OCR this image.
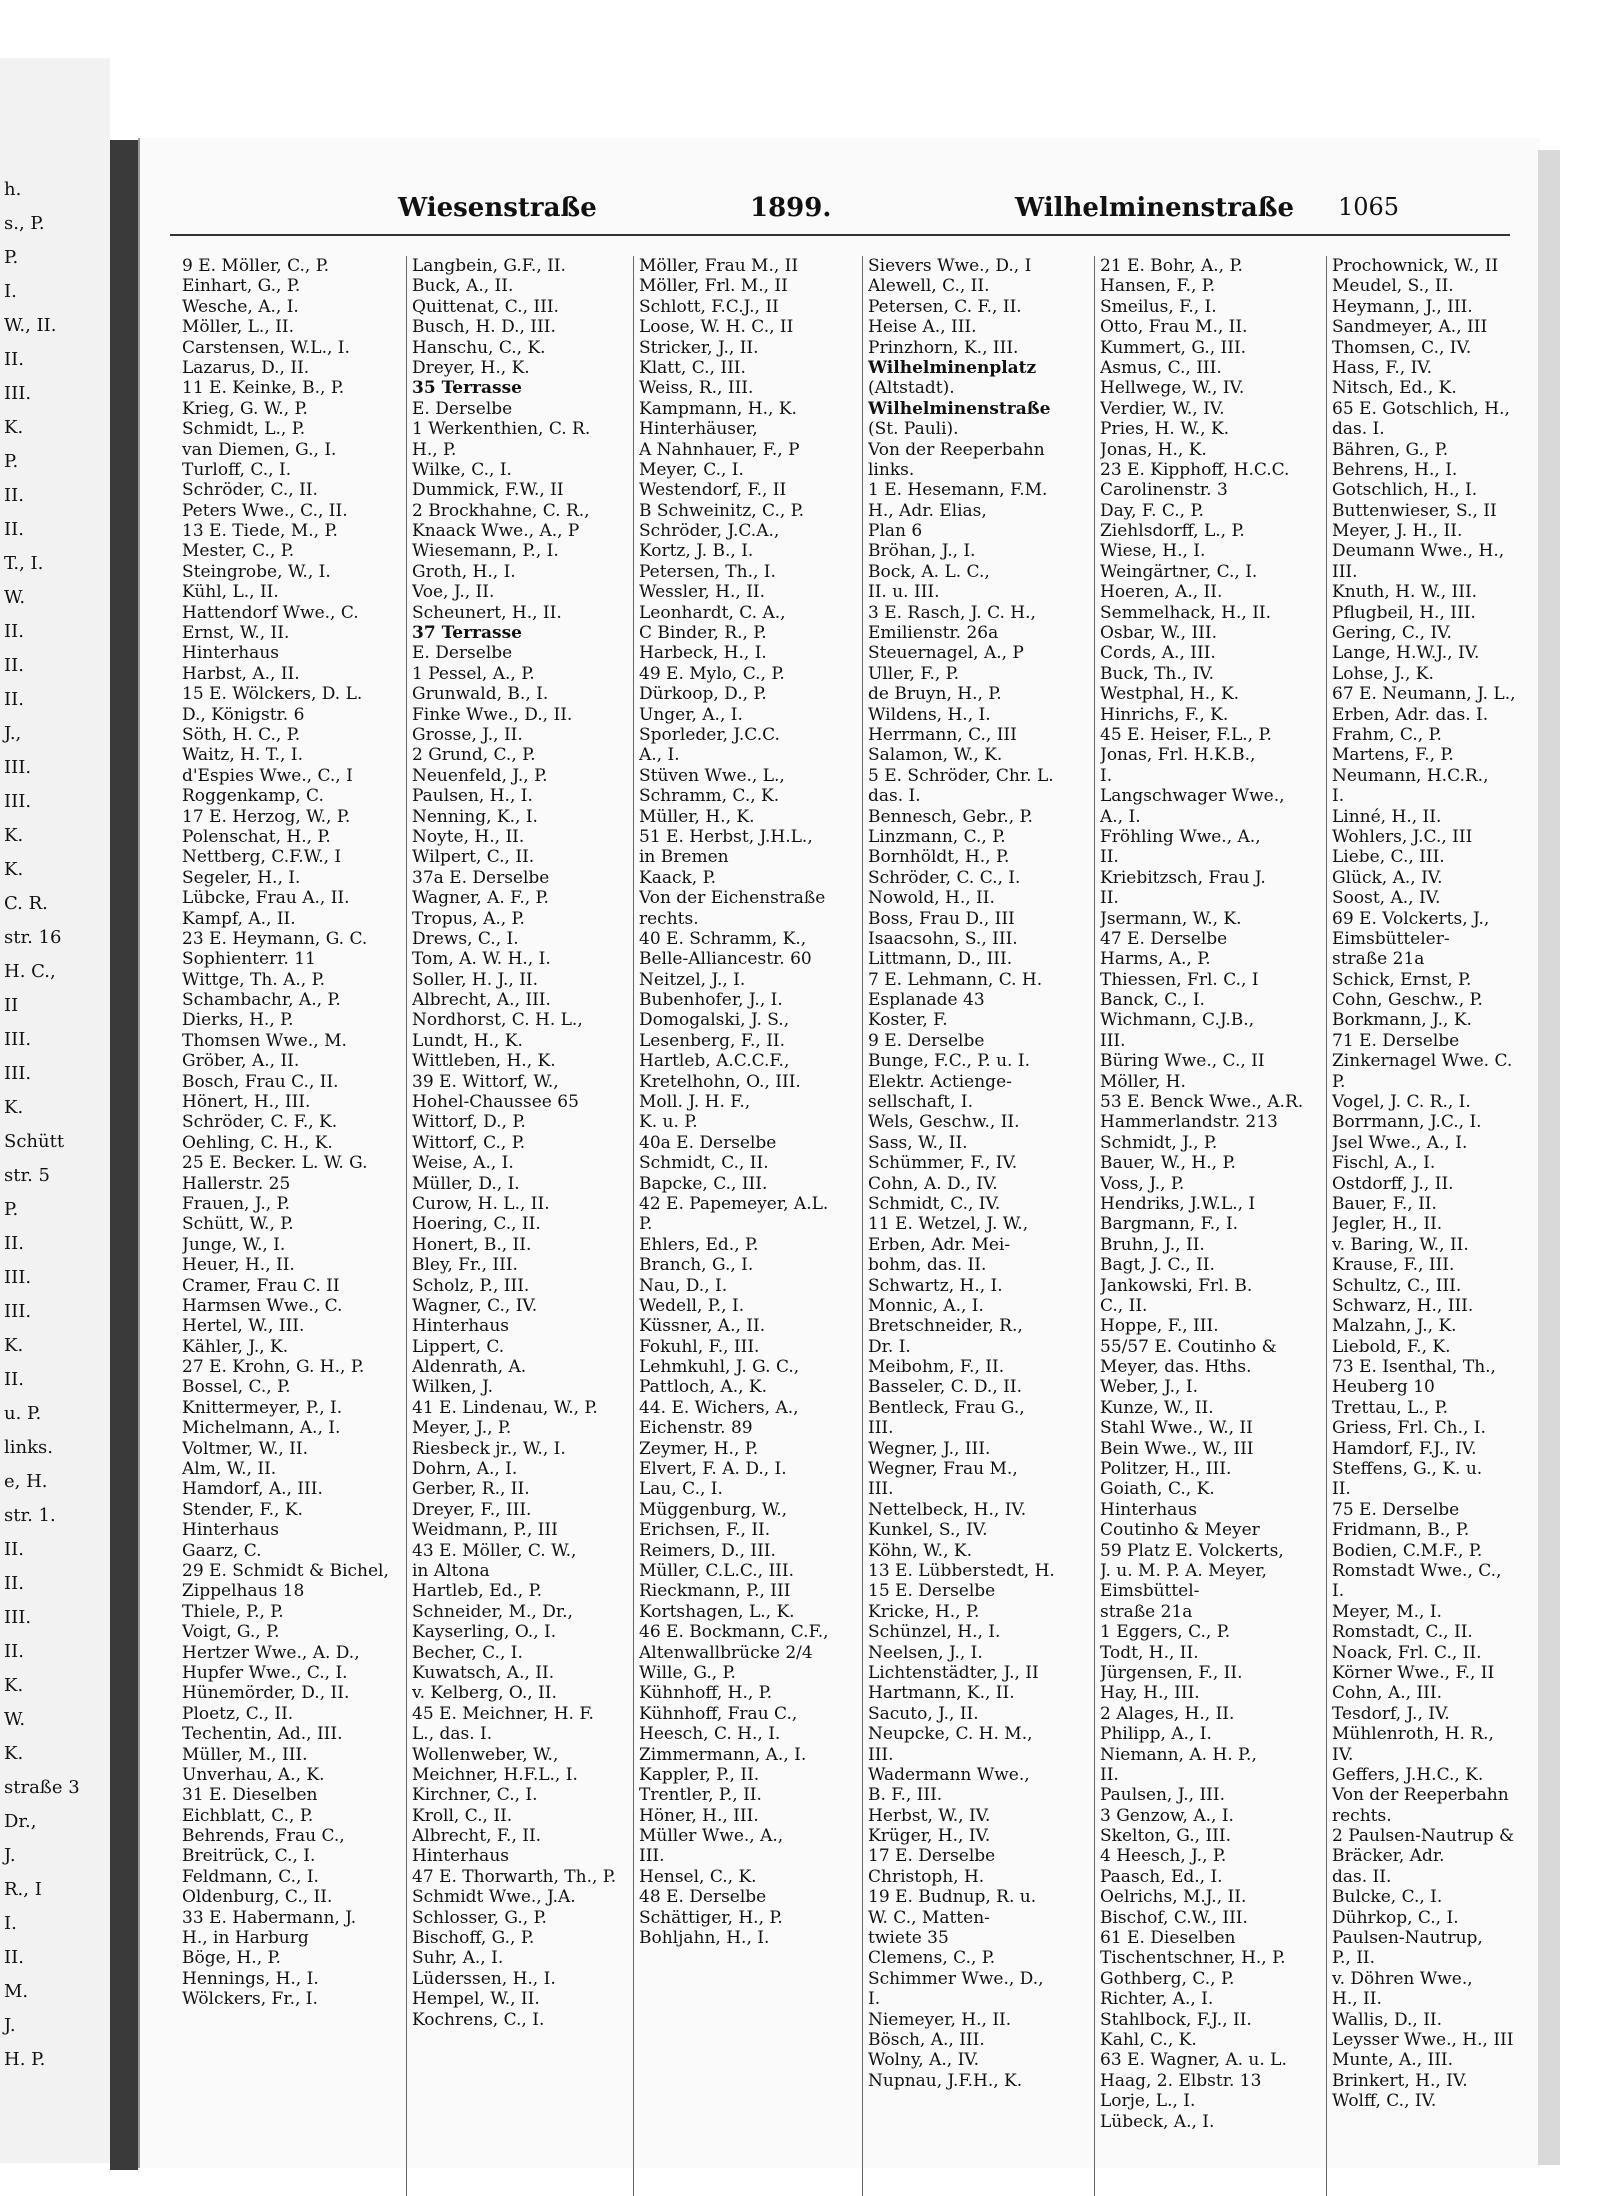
h.
s., P.
P.
I.
W., II.
II.
III.
K.
P.
II.
II.
T., I.
W.
II.
II.
II.
J.,
III.
III.
K.
K.
C. R.
str. 16
H. C.,
II
III.
III.
K.
Schütt
str. 5
P.
II.
III.
III.
K.
II.
u. P.
links.
e, H.
str. 1.
II.
II.
III.
II.
K.
W.
K.
straße 3
Dr.,
J.
R., I
I.
II.
M.
J.
H. P.
Wiesenstraße	1899.	Wilhelminenstraße 1065
9 E. Möller, C., P.
Einhart, G., P.
Wesche, A., I.
Möller, L., II.
Carstensen, W.L., I.
Lazarus, D., II.
11 E. Keinke, B., P.
Krieg, G. W., P.
Schmidt, L., P.
van Diemen, G., I.
Turloff, C., I.
Schröder, C., II.
Peters Wwe., C., II.
13 E. Tiede, M., P.
Mester, C., P.
Steingrobe, W., I.
Kühl, L., II.
Hattendorf Wwe., C.
Ernst, W., II.
Hinterhaus
Harbst, A., II.
15 E. Wölckers, D. L.
D., Königstr. 6
Söth, H. C., P.
Waitz, H. T., I.
d'Espies Wwe., C., I
Roggenkamp, C.
17 E. Herzog, W., P.
Polenschat, H., P.
Nettberg, C.F.W., I
Segeler, H., I.
Lübcke, Frau A., II.
Kampf, A., II.
23 E. Heymann, G. C.
Sophienterr. 11
Wittge, Th. A., P.
Schambachr, A., P.
Dierks, H., P.
Thomsen Wwe., M.
Gröber, A., II.
Bosch, Frau C., II.
Hönert, H., III.
Schröder, C. F., K.
Oehling, C. H., K.
25 E. Becker. L. W. G.
Hallerstr. 25
Frauen, J., P.
Schütt, W., P.
Junge, W., I.
Heuer, H., II.
Cramer, Frau C. II
Harmsen Wwe., C.
Hertel, W., III.
Kähler, J., K.
27 E. Krohn, G. H., P.
Bossel, C., P.
Knittermeyer, P., I.
Michelmann, A., I.
Voltmer, W., II.
Alm, W., II.
Hamdorf, A., III.
Stender, F., K.
Hinterhaus
Gaarz, C.
29 E. Schmidt & Bichel,
Zippelhaus 18
Thiele, P., P.
Voigt, G., P.
Hertzer Wwe., A. D.,
Hupfer Wwe., C., I.
Hünemörder, D., II.
Ploetz, C., II.
Techentin, Ad., III.
Müller, M., III.
Unverhau, A., K.
31 E. Dieselben
Eichblatt, C., P.
Behrends, Frau C.,
Breitrück, C., I.
Feldmann, C., I.
Oldenburg, C., II.
33 E. Habermann, J.
H., in Harburg
Böge, H., P.
Hennings, H., I.
Wölckers, Fr., I.
Langbein, G.F., II.
Buck, A., II.
Quittenat, C., III.
Busch, H. D., III.
Hanschu, C., K.
Dreyer, H., K.
35 Terrasse
E. Derselbe
1 Werkenthien, C. R.
H., P.
Wilke, C., I.
Dummick, F.W., II
2 Brockhahne, C. R.,
Knaack Wwe., A., P
Wiesemann, P., I.
Groth, H., I.
Voe, J., II.
Scheunert, H., II.
37 Terrasse
E. Derselbe
1 Pessel, A., P.
Grunwald, B., I.
Finke Wwe., D., II.
Grosse, J., II.
2 Grund, C., P.
Neuenfeld, J., P.
Paulsen, H., I.
Nenning, K., I.
Noyte, H., II.
Wilpert, C., II.
37a E. Derselbe
Wagner, A. F., P.
Tropus, A., P.
Drews, C., I.
Tom, A. W. H., I.
Soller, H. J., II.
Albrecht, A., III.
Nordhorst, C. H. L.,
Lundt, H., K.
Wittleben, H., K.
39 E. Wittorf, W.,
Hohel-Chaussee 65
Wittorf, D., P.
Wittorf, C., P.
Weise, A., I.
Müller, D., I.
Curow, H. L., II.
Hoering, C., II.
Honert, B., II.
Bley, Fr., III.
Scholz, P., III.
Wagner, C., IV.
Hinterhaus
Lippert, C.
Aldenrath, A.
Wilken, J.
41 E. Lindenau, W., P.
Meyer, J., P.
Riesbeck jr., W., I.
Dohrn, A., I.
Gerber, R., II.
Dreyer, F., III.
Weidmann, P., III
43 E. Möller, C. W.,
in Altona
Hartleb, Ed., P.
Schneider, M., Dr.,
Kayserling, O., I.
Becher, C., I.
Kuwatsch, A., II.
v. Kelberg, O., II.
45 E. Meichner, H. F.
L., das. I.
Wollenweber, W.,
Meichner, H.F.L., I.
Kirchner, C., I.
Kroll, C., II.
Albrecht, F., II.
Hinterhaus
47 E. Thorwarth, Th., P.
Schmidt Wwe., J.A.
Schlosser, G., P.
Bischoff, G., P.
Suhr, A., I.
Lüderssen, H., I.
Hempel, W., II.
Kochrens, C., I.
Möller, Frau M., II
Möller, Frl. M., II
Schlott, F.C.J., II
Loose, W. H. C., II
Stricker, J., II.
Klatt, C., III.
Weiss, R., III.
Kampmann, H., K.
Hinterhäuser,
A Nahnhauer, F., P
Meyer, C., I.
Westendorf, F., II
B Schweinitz, C., P.
Schröder, J.C.A.,
Kortz, J. B., I.
Petersen, Th., I.
Wessler, H., II.
Leonhardt, C. A.,
C Binder, R., P.
Harbeck, H., I.
49 E. Mylo, C., P.
Dürkoop, D., P.
Unger, A., I.
Sporleder, J.C.C.
A., I.
Stüven Wwe., L.,
Schramm, C., K.
Müller, H., K.
51 E. Herbst, J.H.L.,
in Bremen
Kaack, P.
Von der Eichenstraße
rechts.
40 E. Schramm, K.,
Belle-Alliancestr. 60
Neitzel, J., I.
Bubenhofer, J., I.
Domogalski, J. S.,
Lesenberg, F., II.
Hartleb, A.C.C.F.,
Kretelhohn, O., III.
Moll. J. H. F.,
K. u. P.
40a E. Derselbe
Schmidt, C., II.
Bapcke, C., III.
42 E. Papemeyer, A.L.
P.
Ehlers, Ed., P.
Branch, G., I.
Nau, D., I.
Wedell, P., I.
Küssner, A., II.
Fokuhl, F., III.
Lehmkuhl, J. G. C.,
Pattloch, A., K.
44. E. Wichers, A.,
Eichenstr. 89
Zeymer, H., P.
Elvert, F. A. D., I.
Lau, C., I.
Müggenburg, W.,
Erichsen, F., II.
Reimers, D., III.
Müller, C.L.C., III.
Rieckmann, P., III
Kortshagen, L., K.
46 E. Bockmann, C.F.,
Altenwallbrücke 2/4
Wille, G., P.
Kühnhoff, H., P.
Kühnhoff, Frau C.,
Heesch, C. H., I.
Zimmermann, A., I.
Kappler, P., II.
Trentler, P., II.
Höner, H., III.
Müller Wwe., A.,
III.
Hensel, C., K.
48 E. Derselbe
Schättiger, H., P.
Bohljahn, H., I.
Sievers Wwe., D., I
Alewell, C., II.
Petersen, C. F., II.
Heise A., III.
Prinzhorn, K., III.
Wilhelminenplatz
(Altstadt).
Wilhelminenstraße
(St. Pauli).
Von der Reeperbahn
links.
1 E. Hesemann, F.M.
H., Adr. Elias,
Plan 6
Bröhan, J., I.
Bock, A. L. C.,
II. u. III.
3 E. Rasch, J. C. H.,
Emilienstr. 26a
Steuernagel, A., P
Uller, F., P.
de Bruyn, H., P.
Wildens, H., I.
Herrmann, C., III
Salamon, W., K.
5 E. Schröder, Chr. L.
das. I.
Bennesch, Gebr., P.
Linzmann, C., P.
Bornhöldt, H., P.
Schröder, C. C., I.
Nowold, H., II.
Boss, Frau D., III
Isaacsohn, S., III.
Littmann, D., III.
7 E. Lehmann, C. H.
Esplanade 43
Koster, F.
9 E. Derselbe
Bunge, F.C., P. u. I.
Elektr. Actienge-
sellschaft, I.
Wels, Geschw., II.
Sass, W., II.
Schümmer, F., IV.
Cohn, A. D., IV.
Schmidt, C., IV.
11 E. Wetzel, J. W.,
Erben, Adr. Mei-
bohm, das. II.
Schwartz, H., I.
Monnic, A., I.
Bretschneider, R.,
Dr. I.
Meibohm, F., II.
Basseler, C. D., II.
Bentleck, Frau G.,
III.
Wegner, J., III.
Wegner, Frau M.,
III.
Nettelbeck, H., IV.
Kunkel, S., IV.
Köhn, W., K.
13 E. Lübberstedt, H.
15 E. Derselbe
Kricke, H., P.
Schünzel, H., I.
Neelsen, J., I.
Lichtenstädter, J., II
Hartmann, K., II.
Sacuto, J., II.
Neupcke, C. H. M.,
III.
Wadermann Wwe.,
B. F., III.
Herbst, W., IV.
Krüger, H., IV.
17 E. Derselbe
Christoph, H.
19 E. Budnup, R. u.
W. C., Matten-
twiete 35
Clemens, C., P.
Schimmer Wwe., D.,
I.
Niemeyer, H., II.
Bösch, A., III.
Wolny, A., IV.
Nupnau, J.F.H., K.
21 E. Bohr, A., P.
Hansen, F., P.
Smeilus, F., I.
Otto, Frau M., II.
Kummert, G., III.
Asmus, C., III.
Hellwege, W., IV.
Verdier, W., IV.
Pries, H. W., K.
Jonas, H., K.
23 E. Kipphoff, H.C.C.
Carolinenstr. 3
Day, F. C., P.
Ziehlsdorff, L., P.
Wiese, H., I.
Weingärtner, C., I.
Hoeren, A., II.
Semmelhack, H., II.
Osbar, W., III.
Cords, A., III.
Buck, Th., IV.
Westphal, H., K.
Hinrichs, F., K.
45 E. Heiser, F.L., P.
Jonas, Frl. H.K.B.,
I.
Langschwager Wwe.,
A., I.
Fröhling Wwe., A.,
II.
Kriebitzsch, Frau J.
II.
Jsermann, W., K.
47 E. Derselbe
Harms, A., P.
Thiessen, Frl. C., I
Banck, C., I.
Wichmann, C.J.B.,
III.
Büring Wwe., C., II
Möller, H.
53 E. Benck Wwe., A.R.
Hammerlandstr. 213
Schmidt, J., P.
Bauer, W., H., P.
Voss, J., P.
Hendriks, J.W.L., I
Bargmann, F., I.
Bruhn, J., II.
Bagt, J. C., II.
Jankowski, Frl. B.
C., II.
Hoppe, F., III.
55/57 E. Coutinho &
Meyer, das. Hths.
Weber, J., I.
Kunze, W., II.
Stahl Wwe., W., II
Bein Wwe., W., III
Politzer, H., III.
Goiath, C., K.
Hinterhaus
Coutinho & Meyer
59 Platz E. Volckerts,
J. u. M. P. A. Meyer,
Eimsbüttel-
straße 21a
1 Eggers, C., P.
Todt, H., II.
Jürgensen, F., II.
Hay, H., III.
2 Alages, H., II.
Philipp, A., I.
Niemann, A. H. P.,
II.
Paulsen, J., III.
3 Genzow, A., I.
Skelton, G., III.
4 Heesch, J., P.
Paasch, Ed., I.
Oelrichs, M.J., II.
Bischof, C.W., III.
61 E. Dieselben
Tischentschner, H., P.
Gothberg, C., P.
Richter, A., I.
Stahlbock, F.J., II.
Kahl, C., K.
63 E. Wagner, A. u. L.
Haag, 2. Elbstr. 13
Lorje, L., I.
Lübeck, A., I.
Prochownick, W., II
Meudel, S., II.
Heymann, J., III.
Sandmeyer, A., III
Thomsen, C., IV.
Hass, F., IV.
Nitsch, Ed., K.
65 E. Gotschlich, H.,
das. I.
Bähren, G., P.
Behrens, H., I.
Gotschlich, H., I.
Buttenwieser, S., II
Meyer, J. H., II.
Deumann Wwe., H.,
III.
Knuth, H. W., III.
Pflugbeil, H., III.
Gering, C., IV.
Lange, H.W.J., IV.
Lohse, J., K.
67 E. Neumann, J. L.,
Erben, Adr. das. I.
Frahm, C., P.
Martens, F., P.
Neumann, H.C.R.,
I.
Linné, H., II.
Wohlers, J.C., III
Liebe, C., III.
Glück, A., IV.
Soost, A., IV.
69 E. Volckerts, J.,
Eimsbütteler-
straße 21a
Schick, Ernst, P.
Cohn, Geschw., P.
Borkmann, J., K.
71 E. Derselbe
Zinkernagel Wwe. C.
P.
Vogel, J. C. R., I.
Borrmann, J.C., I.
Jsel Wwe., A., I.
Fischl, A., I.
Ostdorff, J., II.
Bauer, F., II.
Jegler, H., II.
v. Baring, W., II.
Krause, F., III.
Schultz, C., III.
Schwarz, H., III.
Malzahn, J., K.
Liebold, F., K.
73 E. Isenthal, Th.,
Heuberg 10
Trettau, L., P.
Griess, Frl. Ch., I.
Hamdorf, F.J., IV.
Steffens, G., K. u.
II.
75 E. Derselbe
Fridmann, B., P.
Bodien, C.M.F., P.
Romstadt Wwe., C.,
I.
Meyer, M., I.
Romstadt, C., II.
Noack, Frl. C., II.
Körner Wwe., F., II
Cohn, A., III.
Tesdorf, J., IV.
Mühlenroth, H. R.,
IV.
Geffers, J.H.C., K.
Von der Reeperbahn
rechts.
2 Paulsen-Nautrup &
Bräcker, Adr.
das. II.
Bulcke, C., I.
Dührkop, C., I.
Paulsen-Nautrup,
P., II.
v. Döhren Wwe.,
H., II.
Wallis, D., II.
Leysser Wwe., H., III
Munte, A., III.
Brinkert, H., IV.
Wolff, C., IV.
